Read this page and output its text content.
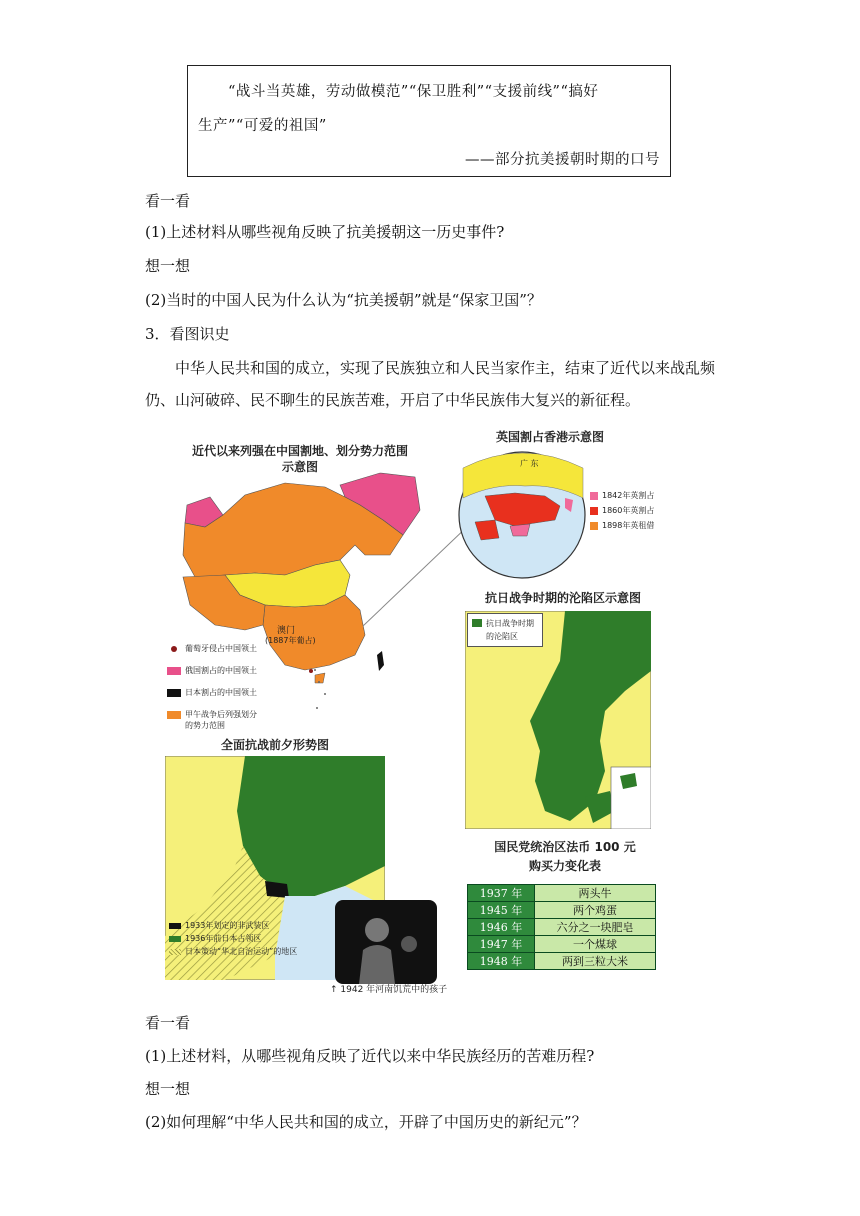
“战斗当英雄，劳动做模范”“保卫胜利”“支援前线”“搞好
生产”“可爱的祖国”
——部分抗美援朝时期的口号
看一看
(1)上述材料从哪些视角反映了抗美援朝这一历史事件?
想一想
(2)当时的中国人民为什么认为“抗美援朝”就是“保家卫国”？
3．看图识史
中华人民共和国的成立，实现了民族独立和人民当家作主，结束了近代以来战乱频
仍、山河破碎、民不聊生的民族苦难，开启了中华民族伟大复兴的新征程。
近代以来列强在中国割地、划分势力范围
示意图
澳门
(1887年葡占)
葡萄牙侵占中国领土
俄国割占的中国领土
日本割占的中国领土
甲午战争后列强划分
的势力范围
英国割占香港示意图
广 东
1842年英割占
1860年英割占
1898年英租借
抗日战争时期的沦陷区示意图
抗日战争时期
的沦陷区
全面抗战前夕形势图
1933年划定的非武装区
1936年前日本占领区
日本策动“华北自治运动”的地区
↑ 1942 年河南饥荒中的孩子
国民党统治区法币 100 元
购买力变化表
1937 年	两头牛
1945 年	两个鸡蛋
1946 年	六分之一块肥皂
1947 年	一个煤球
1948 年	两到三粒大米
看一看
(1)上述材料，从哪些视角反映了近代以来中华民族经历的苦难历程?
想一想
(2)如何理解“中华人民共和国的成立，开辟了中国历史的新纪元”？
